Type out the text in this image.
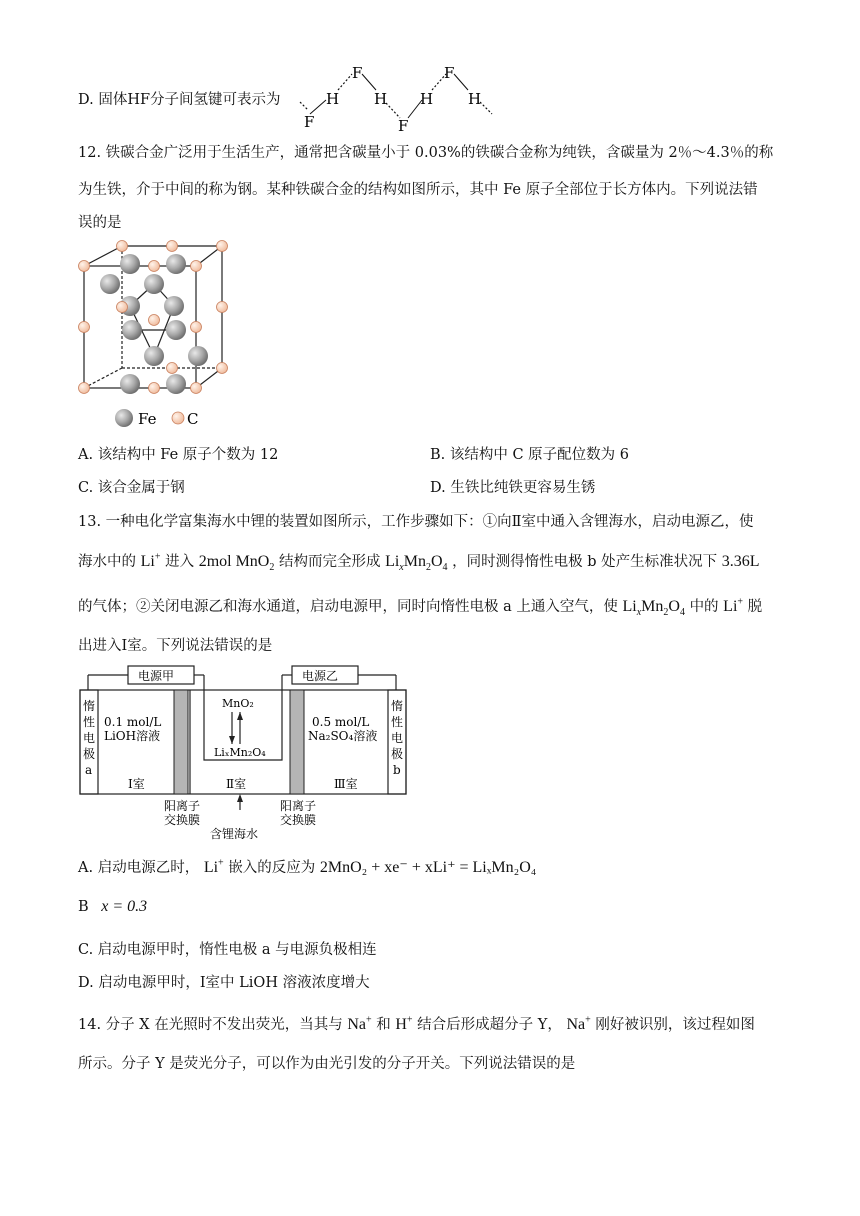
D. 固体HF分子间氢键可表示为
F
H
F
H
F
H
F
H
12. 铁碳合金广泛用于生活生产，通常把含碳量小于 0.03%的铁碳合金称为纯铁，含碳量为 2％～4.3％的称
为生铁，介于中间的称为钢。某种铁碳合金的结构如图所示，其中 Fe 原子全部位于长方体内。下列说法错
误的是
Fe C
A. 该结构中 Fe 原子个数为 12	B. 该结构中 C 原子配位数为 6
C. 该合金属于钢	D. 生铁比纯铁更容易生锈
13. 一种电化学富集海水中锂的装置如图所示，工作步骤如下：①向Ⅱ室中通入含锂海水，启动电源乙，使
海水中的 Li+ 进入 2mol MnO$_2$ 结构而完全形成 $Li_xMn_2O_4$ ，同时测得惰性电极 b 处产生标准状况下 3.36L
的气体；②关闭电源乙和海水通道，启动电源甲，同时向惰性电极 a 上通入空气，使 $Li_xMn_2O_4$ 中的 Li+ 脱
出进入Ⅰ室。下列说法错误的是
电源甲	电源乙
惰
性
电
极
a
惰
性
电
极
b
0.1 mol/L
LiOH溶液
Ⅰ室
MnO₂
LiₓMn₂O₄
Ⅱ室
0.5 mol/L
Na₂SO₄溶液
Ⅲ室
阳离子
交换膜
阳离子
交换膜
含锂海水
A. 启动电源乙时， Li+ 嵌入的反应为 2MnO₂ + xe⁻ + xLi⁺ = LiₓMn₂O₄
B x = 0.3
C. 启动电源甲时，惰性电极 a 与电源负极相连
D. 启动电源甲时，Ⅰ室中 LiOH 溶液浓度增大
14. 分子 X 在光照时不发出荧光，当其与 Na+ 和 H+ 结合后形成超分子 Y， Na+ 刚好被识别，该过程如图
所示。分子 Y 是荧光分子，可以作为由光引发的分子开关。下列说法错误的是
